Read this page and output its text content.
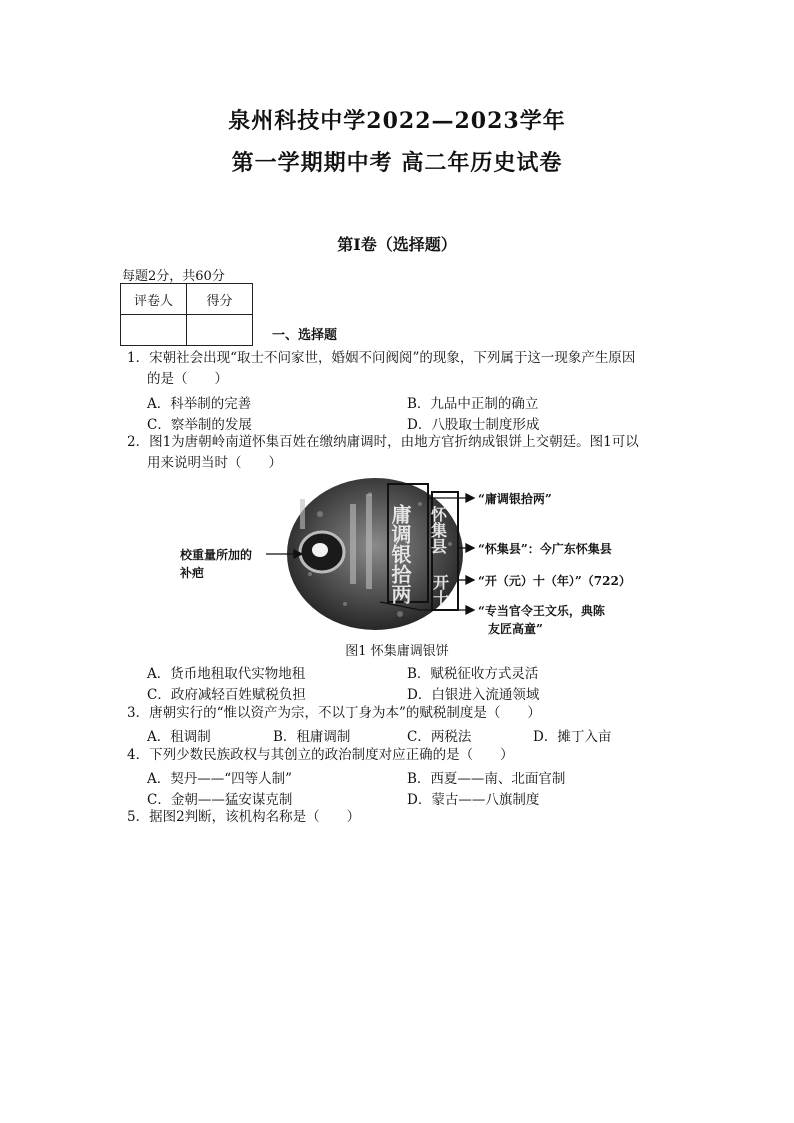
泉州科技中学2022—2023学年
第一学期期中考 高二年历史试卷
第I卷（选择题）
每题2分，共60分
评卷人	得分

一、选择题
1．宋朝社会出现“取士不问家世，婚姻不问阀阅”的现象，下列属于这一现象产生原因
的是（　　）
A．科举制的完善	B．九品中正制的确立
C．察举制的发展	D．八股取士制度形成
2．图1为唐朝岭南道怀集百姓在缴纳庸调时，由地方官折纳成银饼上交朝廷。图1可以
用来说明当时（　　）
庸调银拾两 怀集县
开十
“庸调银拾两”
“怀集县”：今广东怀集县
“开（元）十（年）”（722）
“专当官令王文乐，典陈
友匠高童”
校重量所加的
补疤
图1 怀集庸调银饼
A．货币地租取代实物地租	B．赋税征收方式灵活
C．政府减轻百姓赋税负担	D．白银进入流通领域
3．唐朝实行的“惟以资产为宗，不以丁身为本”的赋税制度是（　　）
A．租调制	B．租庸调制	C．两税法	D．摊丁入亩
4．下列少数民族政权与其创立的政治制度对应正确的是（　　）
A．契丹——“四等人制”	B．西夏——南、北面官制
C．金朝——猛安谋克制	D．蒙古——八旗制度
5．据图2判断，该机构名称是（　　）
